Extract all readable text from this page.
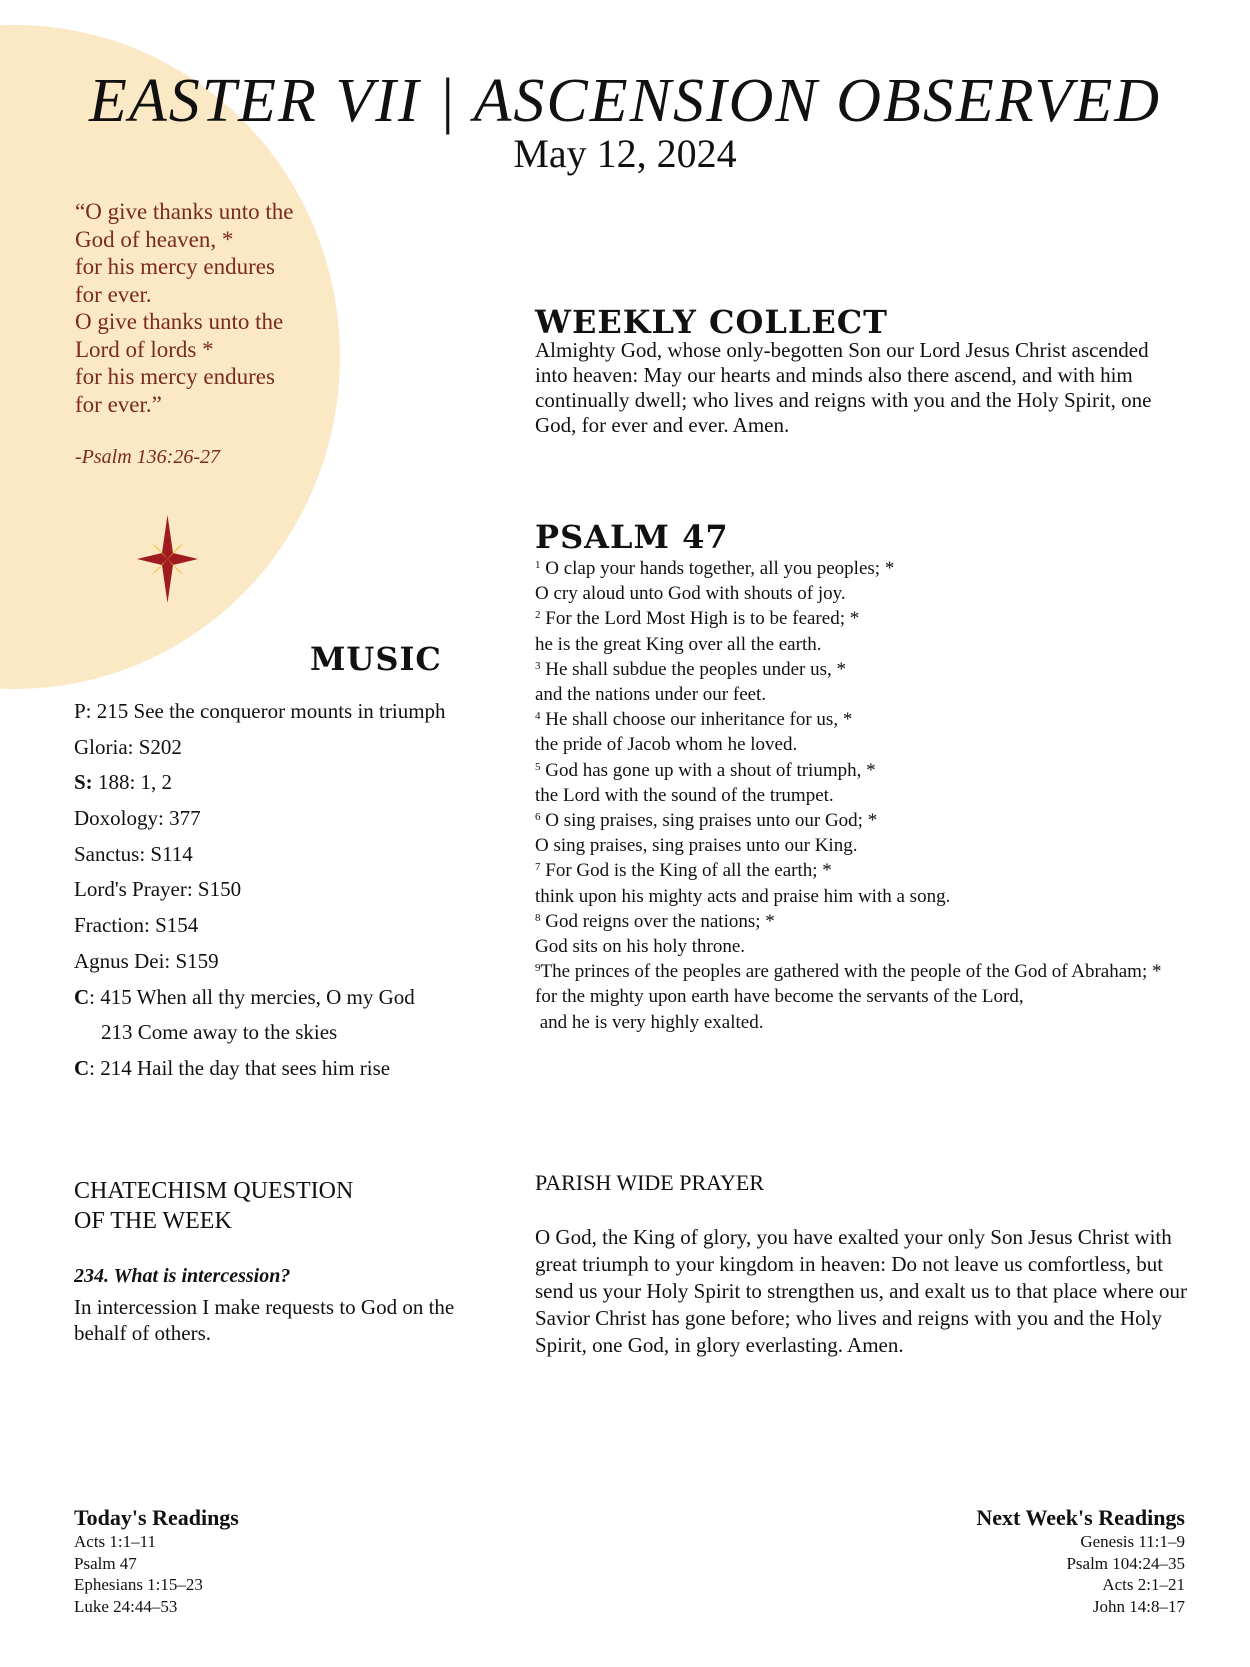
EASTER VII | ASCENSION OBSERVED
May 12, 2024
“O give thanks unto the
God of heaven, *
for his mercy endures
for ever.
O give thanks unto the
Lord of lords *
for his mercy endures
for ever.”
-Psalm 136:26-27
MUSIC
P: 215 See the conqueror mounts in triumph
Gloria: S202
S: 188: 1, 2
Doxology: 377
Sanctus: S114
Lord's Prayer: S150
Fraction: S154
Agnus Dei: S159
C: 415 When all thy mercies, O my God
213 Come away to the skies
C: 214 Hail the day that sees him rise
WEEKLY COLLECT
Almighty God, whose only-begotten Son our Lord Jesus Christ ascended into heaven: May our hearts and minds also there ascend, and with him continually dwell; who lives and reigns with you and the Holy Spirit, one God, for ever and ever. Amen.
PSALM 47
$^1$ O clap your hands together, all you peoples; *
O cry aloud unto God with shouts of joy.
$^2$ For the Lord Most High is to be feared; *
he is the great King over all the earth.
$^3$ He shall subdue the peoples under us, *
and the nations under our feet.
$^4$ He shall choose our inheritance for us, *
the pride of Jacob whom he loved.
$^5$ God has gone up with a shout of triumph, *
the Lord with the sound of the trumpet.
$^6$ O sing praises, sing praises unto our God; *
O sing praises, sing praises unto our King.
$^7$ For God is the King of all the earth; *
think upon his mighty acts and praise him with a song.
$^8$ God reigns over the nations; *
God sits on his holy throne.
$^9$The princes of the peoples are gathered with the people of the God of Abraham; *
for the mighty upon earth have become the servants of the Lord,
and he is very highly exalted.
CHATECHISM QUESTION
OF THE WEEK
234. What is intercession?
In intercession I make requests to God on the behalf of others.
PARISH WIDE PRAYER
O God, the King of glory, you have exalted your only Son Jesus Christ with great triumph to your kingdom in heaven: Do not leave us comfortless, but send us your Holy Spirit to strengthen us, and exalt us to that place where our Savior Christ has gone before; who lives and reigns with you and the Holy Spirit, one God, in glory everlasting. Amen.
Today's Readings
Acts 1:1–11
Psalm 47
Ephesians 1:15–23
Luke 24:44–53
Next Week's Readings
Genesis 11:1–9
Psalm 104:24–35
Acts 2:1–21
John 14:8–17
